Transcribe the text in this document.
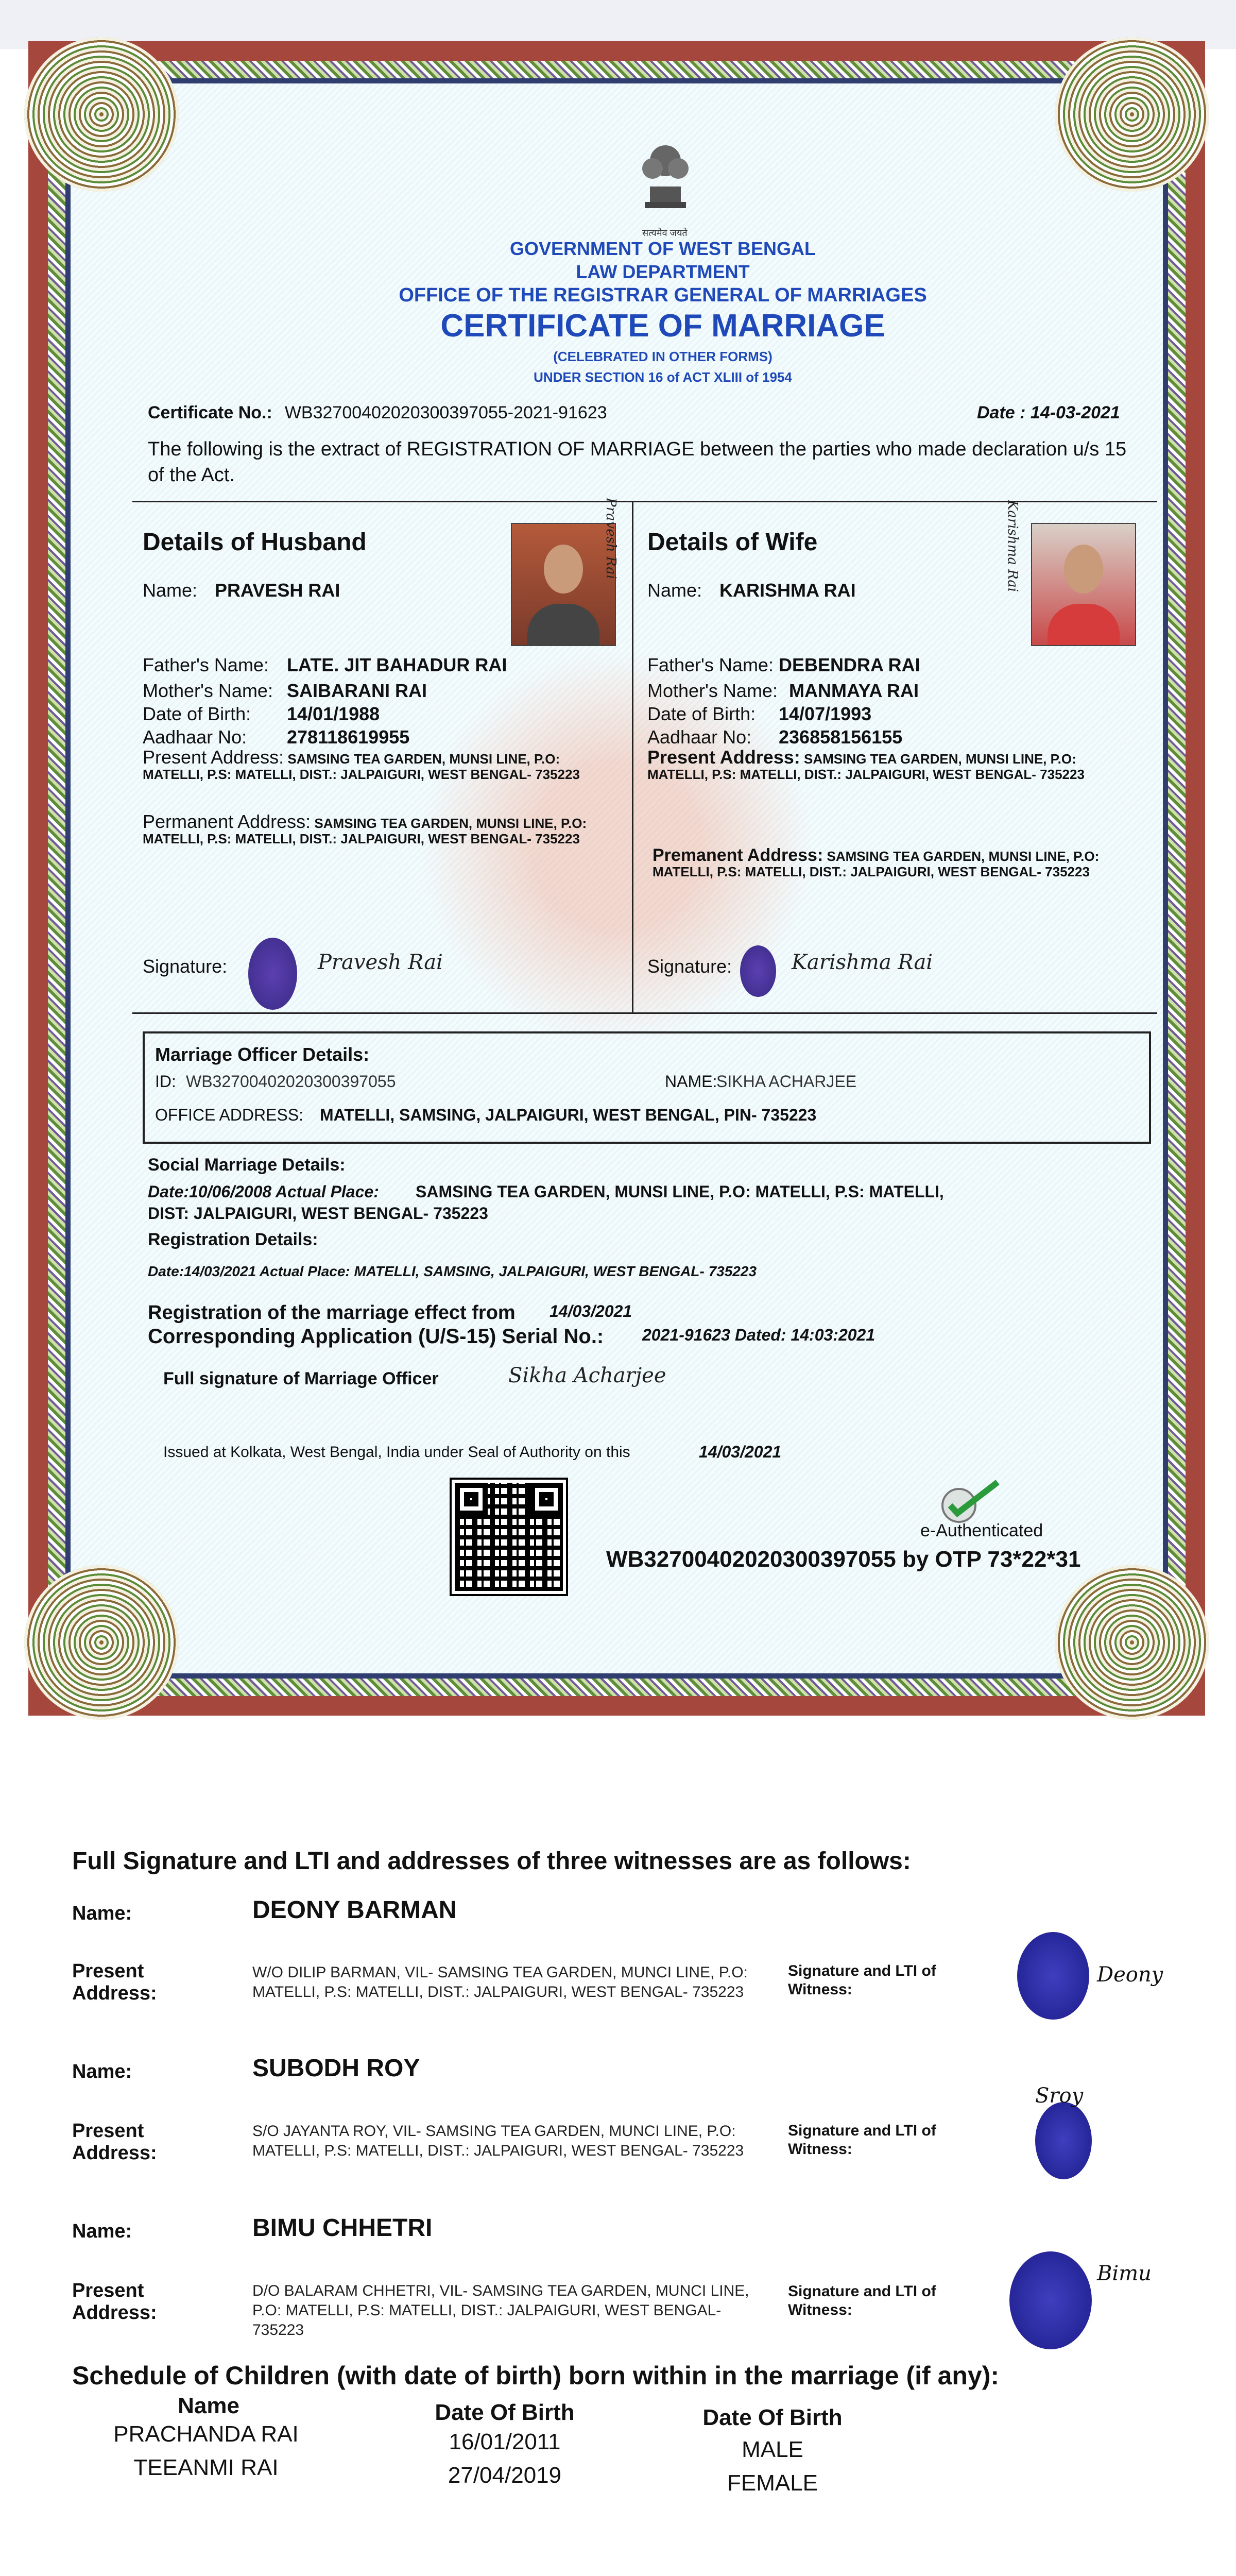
सत्यमेव जयते
GOVERNMENT OF WEST BENGAL
LAW DEPARTMENT
OFFICE OF THE REGISTRAR GENERAL OF MARRIAGES
CERTIFICATE OF MARRIAGE
(CELEBRATED IN OTHER FORMS)
UNDER SECTION 16 of ACT XLIII of 1954
Certificate No.: WB32700402020300397055-2021-91623	Date : 14-03-2021
The following is the extract of REGISTRATION OF MARRIAGE between the parties who made declaration u/s 15 of the Act.
Details of Husband
Name: PRAVESH RAI
Pravesh Rai
Father's Name: LATE. JIT BAHADUR RAI
Mother's Name: SAIBARANI RAI
Date of Birth: 14/01/1988
Aadhaar No: 278118619955
Present Address: SAMSING TEA GARDEN, MUNSI LINE, P.O: MATELLI, P.S: MATELLI, DIST.: JALPAIGURI, WEST BENGAL- 735223
Permanent Address: SAMSING TEA GARDEN, MUNSI LINE, P.O: MATELLI, P.S: MATELLI, DIST.: JALPAIGURI, WEST BENGAL- 735223
Signature:	Pravesh Rai
Details of Wife
Name: KARISHMA RAI	Karishma Rai
Father's Name: DEBENDRA RAI
Mother's Name: MANMAYA RAI
Date of Birth: 14/07/1993
Aadhaar No: 236858156155
Present Address: SAMSING TEA GARDEN, MUNSI LINE, P.O: MATELLI, P.S: MATELLI, DIST.: JALPAIGURI, WEST BENGAL- 735223
Premanent Address: SAMSING TEA GARDEN, MUNSI LINE, P.O: MATELLI, P.S: MATELLI, DIST.: JALPAIGURI, WEST BENGAL- 735223
Signature:	Karishma Rai
Marriage Officer Details:
ID: WB32700402020300397055	NAME:
SIKHA ACHARJEE
OFFICE ADDRESS: MATELLI, SAMSING, JALPAIGURI, WEST BENGAL, PIN- 735223
Social Marriage Details:
Date:10/06/2008 Actual Place: SAMSING TEA GARDEN, MUNSI LINE, P.O: MATELLI, P.S: MATELLI,
DIST: JALPAIGURI, WEST BENGAL- 735223
Registration Details:
Date:14/03/2021 Actual Place: MATELLI, SAMSING, JALPAIGURI, WEST BENGAL- 735223
Registration of the marriage effect from 14/03/2021
Corresponding Application (U/S-15) Serial No.: 2021-91623 Dated: 14:03:2021
Full signature of Marriage Officer	Sikha Acharjee
Issued at Kolkata, West Bengal, India under Seal of Authority on this	14/03/2021
e-Authenticated
WB32700402020300397055 by OTP 73*22*31
Full Signature and LTI and addresses of three witnesses are as follows:
Name:	DEONY BARMAN
Present Address:
W/O DILIP BARMAN, VIL- SAMSING TEA GARDEN, MUNCI LINE, P.O: MATELLI, P.S: MATELLI, DIST.: JALPAIGURI, WEST BENGAL- 735223
Signature and LTI of Witness:
Deony
Name:	SUBODH ROY
Present Address:
S/O JAYANTA ROY, VIL- SAMSING TEA GARDEN, MUNCI LINE, P.O: MATELLI, P.S: MATELLI, DIST.: JALPAIGURI, WEST BENGAL- 735223
Signature and LTI of Witness:
Sroy
Name:	BIMU CHHETRI
Present Address:
D/O BALARAM CHHETRI, VIL- SAMSING TEA GARDEN, MUNCI LINE, P.O: MATELLI, P.S: MATELLI, DIST.: JALPAIGURI, WEST BENGAL- 735223
Signature and LTI of Witness:
Bimu
Schedule of Children (with date of birth) born within in the marriage (if any):
Name	Date Of Birth	Date Of Birth
PRACHANDA RAI	16/01/2011	MALE
TEEANMI RAI	27/04/2019	FEMALE
